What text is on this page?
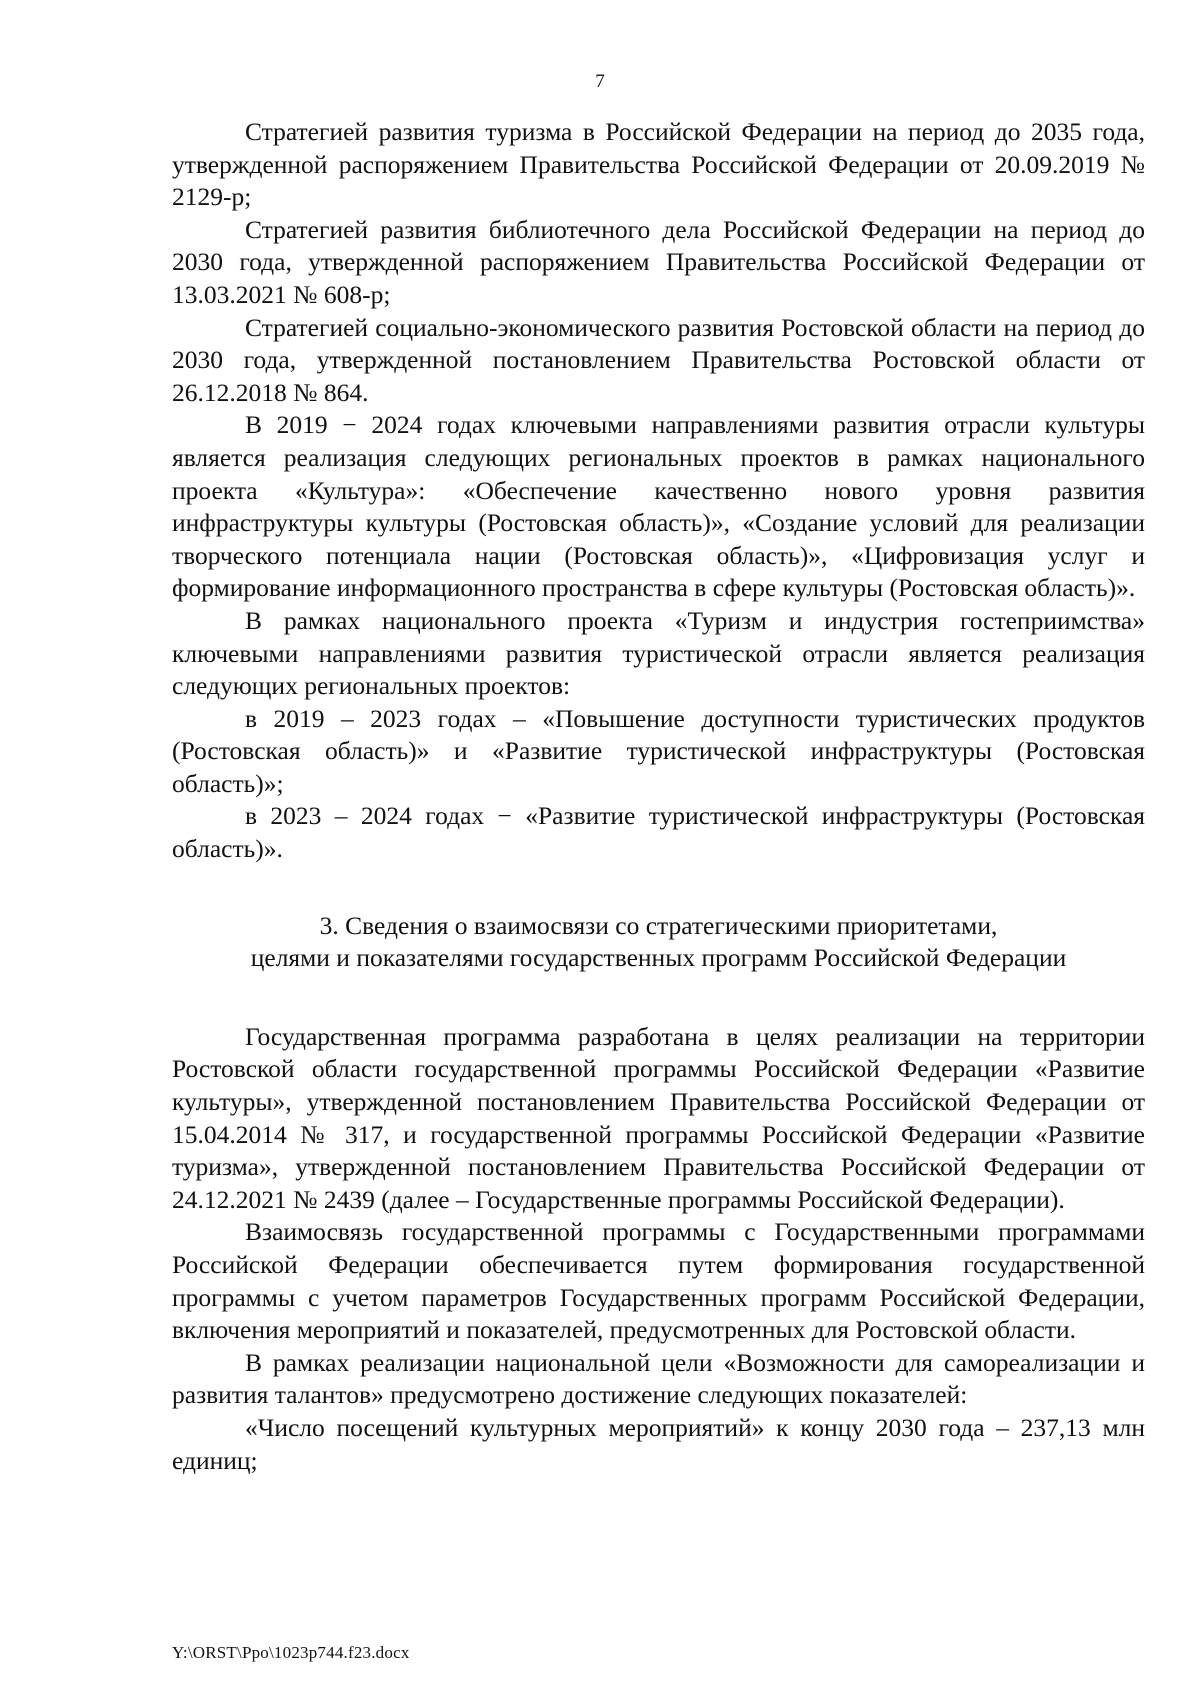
7

Стратегией развития туризма в Российской Федерации на период до 2035 года, утвержденной распоряжением Правительства Российской Федерации от 20.09.2019 № 2129-р;

Стратегией развития библиотечного дела Российской Федерации на период до 2030 года, утвержденной распоряжением Правительства Российской Федерации от 13.03.2021 № 608-р;

Стратегией социально-экономического развития Ростовской области на период до 2030 года, утвержденной постановлением Правительства Ростовской области от 26.12.2018 № 864.

В 2019 − 2024 годах ключевыми направлениями развития отрасли культуры является реализация следующих региональных проектов в рамках национального проекта «Культура»: «Обеспечение качественно нового уровня развития инфраструктуры культуры (Ростовская область)», «Создание условий для реализации творческого потенциала нации (Ростовская область)», «Цифровизация услуг и формирование информационного пространства в сфере культуры (Ростовская область)».

В рамках национального проекта «Туризм и индустрия гостеприимства» ключевыми направлениями развития туристической отрасли является реализация следующих региональных проектов:

в 2019 – 2023 годах – «Повышение доступности туристических продуктов (Ростовская область)» и «Развитие туристической инфраструктуры (Ростовская область)»;

в 2023 – 2024 годах − «Развитие туристической инфраструктуры (Ростовская область)».

3. Сведения о взаимосвязи со стратегическими приоритетами,
целями и показателями государственных программ Российской Федерации

Государственная программа разработана в целях реализации на территории Ростовской области государственной программы Российской Федерации «Развитие культуры», утвержденной постановлением Правительства Российской Федерации от 15.04.2014 № 317, и государственной программы Российской Федерации «Развитие туризма», утвержденной постановлением Правительства Российской Федерации от 24.12.2021 № 2439 (далее – Государственные программы Российской Федерации).

Взаимосвязь государственной программы с Государственными программами Российской Федерации обеспечивается путем формирования государственной программы с учетом параметров Государственных программ Российской Федерации, включения мероприятий и показателей, предусмотренных для Ростовской области.

В рамках реализации национальной цели «Возможности для самореализации и развития талантов» предусмотрено достижение следующих показателей:

«Число посещений культурных мероприятий» к концу 2030 года – 237,13 млн единиц;

Y:\ORST\Ppo\1023p744.f23.docx
